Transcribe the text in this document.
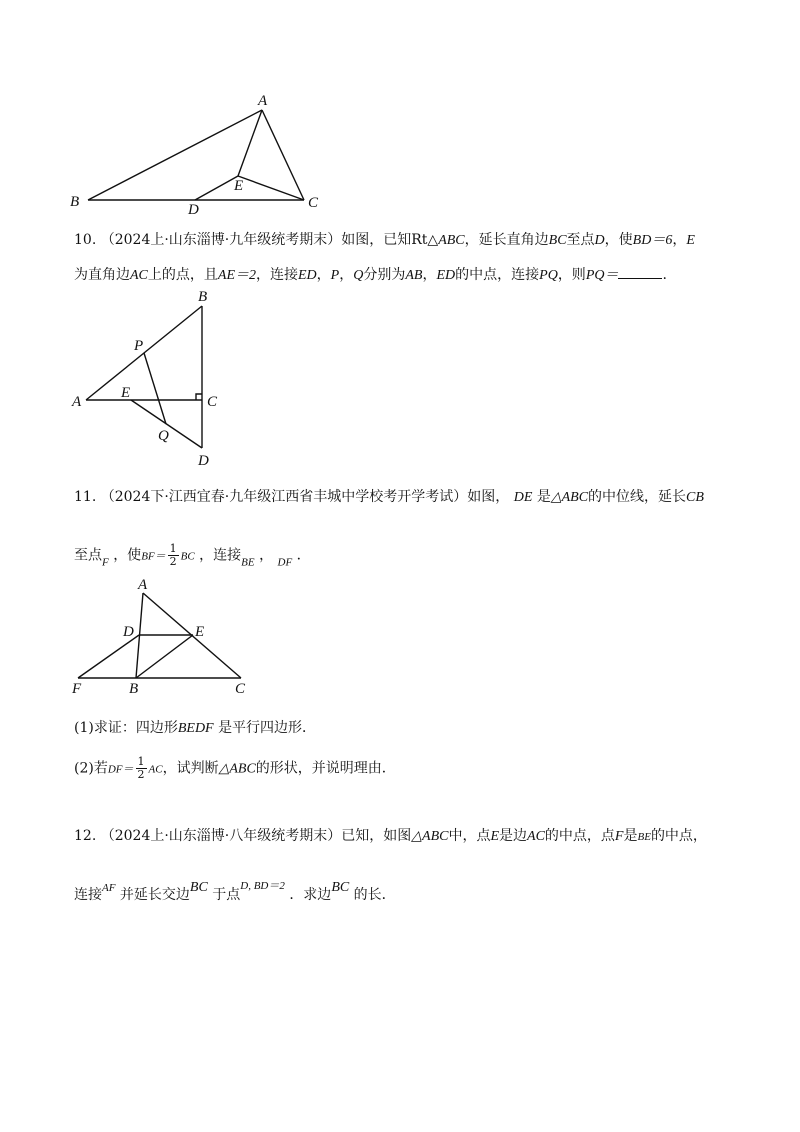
A
B	C
D
E
10. （2024上·山东淄博·九年级统考期末）如图，已知Rt△ABC，延长直角边BC至点D，使BD＝6，E
为直角边AC上的点，且AE＝2，连接ED，P，Q分别为AB，ED的中点，连接PQ，则PQ＝	.
A
B
C
D
E
P
Q
11. （2024下·江西宜春·九年级江西省丰城中学校考开学考试）如图， DE 是△ABC的中位线，延长CB
至点$_F$ ，使$BF= \frac{1}{2}$ BC ，连接$_{BE}$ ， $_{DF}$ ．
A
D	E
F	B	C
(1)求证：四边形BEDF 是平行四边形．
(2)若$DF= \frac{1}{2}$ AC，试判断△ABC的形状，并说明理由．
12. （2024上·山东淄博·八年级统考期末）已知，如图△ABC中，点E是边AC的中点，点F是BE的中点，
连接$^{AF}$ 并延长交边BC 于点$^{D, BD=2}$ ．求边BC 的长．
